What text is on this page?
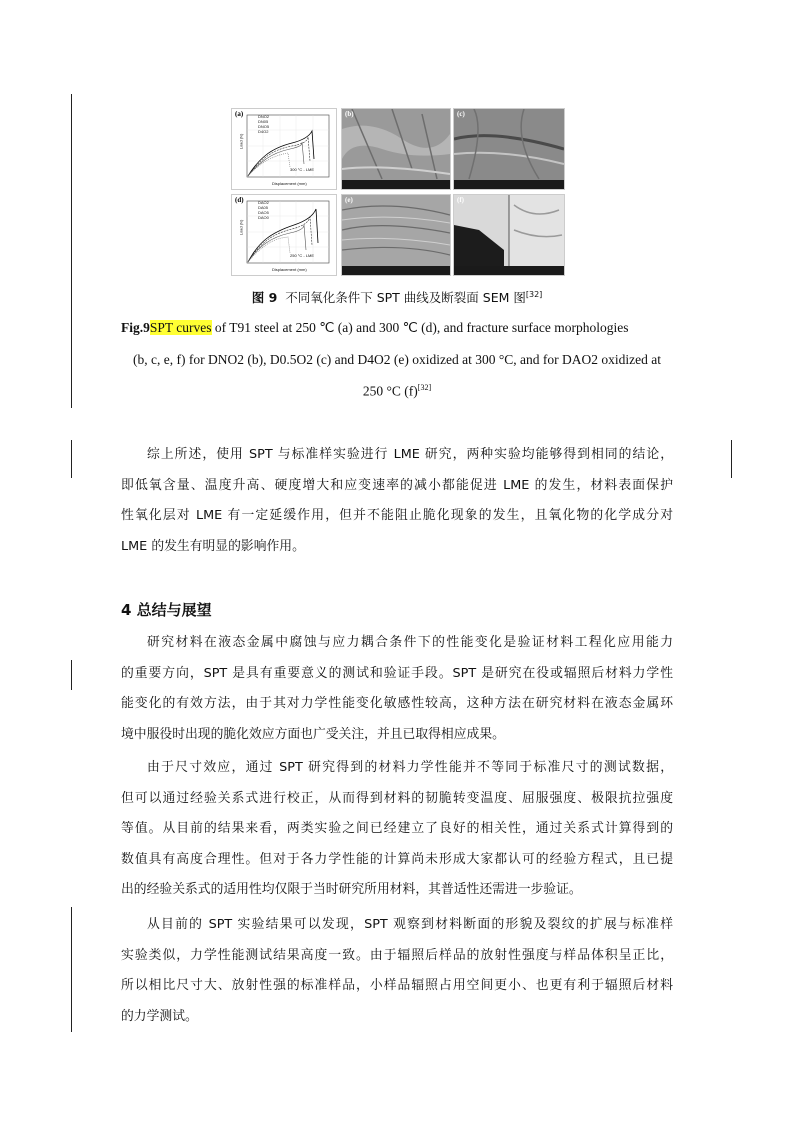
(a)	DNO2
DN05
DNO5
D4O2
300 °C - LME
Displacement (mm)
Load (N)
(b)	(c)
(d)	DAO2
DA05
DAO5
DAO0
250 °C - LME
Displacement (mm)
Load (N)
(e)	(f)
图 9 不同氧化条件下 SPT 曲线及断裂面 SEM 图[32]
Fig.9SPT curves of T91 steel at 250 ℃ (a) and 300 ℃ (d), and fracture surface morphologies
(b, c, e, f) for DNO2 (b), D0.5O2 (c) and D4O2 (e) oxidized at 300 °C, and for DAO2 oxidized at
250 °C (f)[32]
综上所述，使用 SPT 与标准样实验进行 LME 研究，两种实验均能够得到相同的结论，
即低氧含量、温度升高、硬度增大和应变速率的减小都能促进 LME 的发生，材料表面保护
性氧化层对 LME 有一定延缓作用，但并不能阻止脆化现象的发生，且氧化物的化学成分对
LME 的发生有明显的影响作用。
4 总结与展望
研究材料在液态金属中腐蚀与应力耦合条件下的性能变化是验证材料工程化应用能力
的重要方向，SPT 是具有重要意义的测试和验证手段。SPT 是研究在役或辐照后材料力学性
能变化的有效方法，由于其对力学性能变化敏感性较高，这种方法在研究材料在液态金属环
境中服役时出现的脆化效应方面也广受关注，并且已取得相应成果。
由于尺寸效应，通过 SPT 研究得到的材料力学性能并不等同于标准尺寸的测试数据，
但可以通过经验关系式进行校正，从而得到材料的韧脆转变温度、屈服强度、极限抗拉强度
等值。从目前的结果来看，两类实验之间已经建立了良好的相关性，通过关系式计算得到的
数值具有高度合理性。但对于各力学性能的计算尚未形成大家都认可的经验方程式，且已提
出的经验关系式的适用性均仅限于当时研究所用材料，其普适性还需进一步验证。
从目前的 SPT 实验结果可以发现，SPT 观察到材料断面的形貌及裂纹的扩展与标准样
实验类似，力学性能测试结果高度一致。由于辐照后样品的放射性强度与样品体积呈正比，
所以相比尺寸大、放射性强的标准样品，小样品辐照占用空间更小、也更有利于辐照后材料
的力学测试。
